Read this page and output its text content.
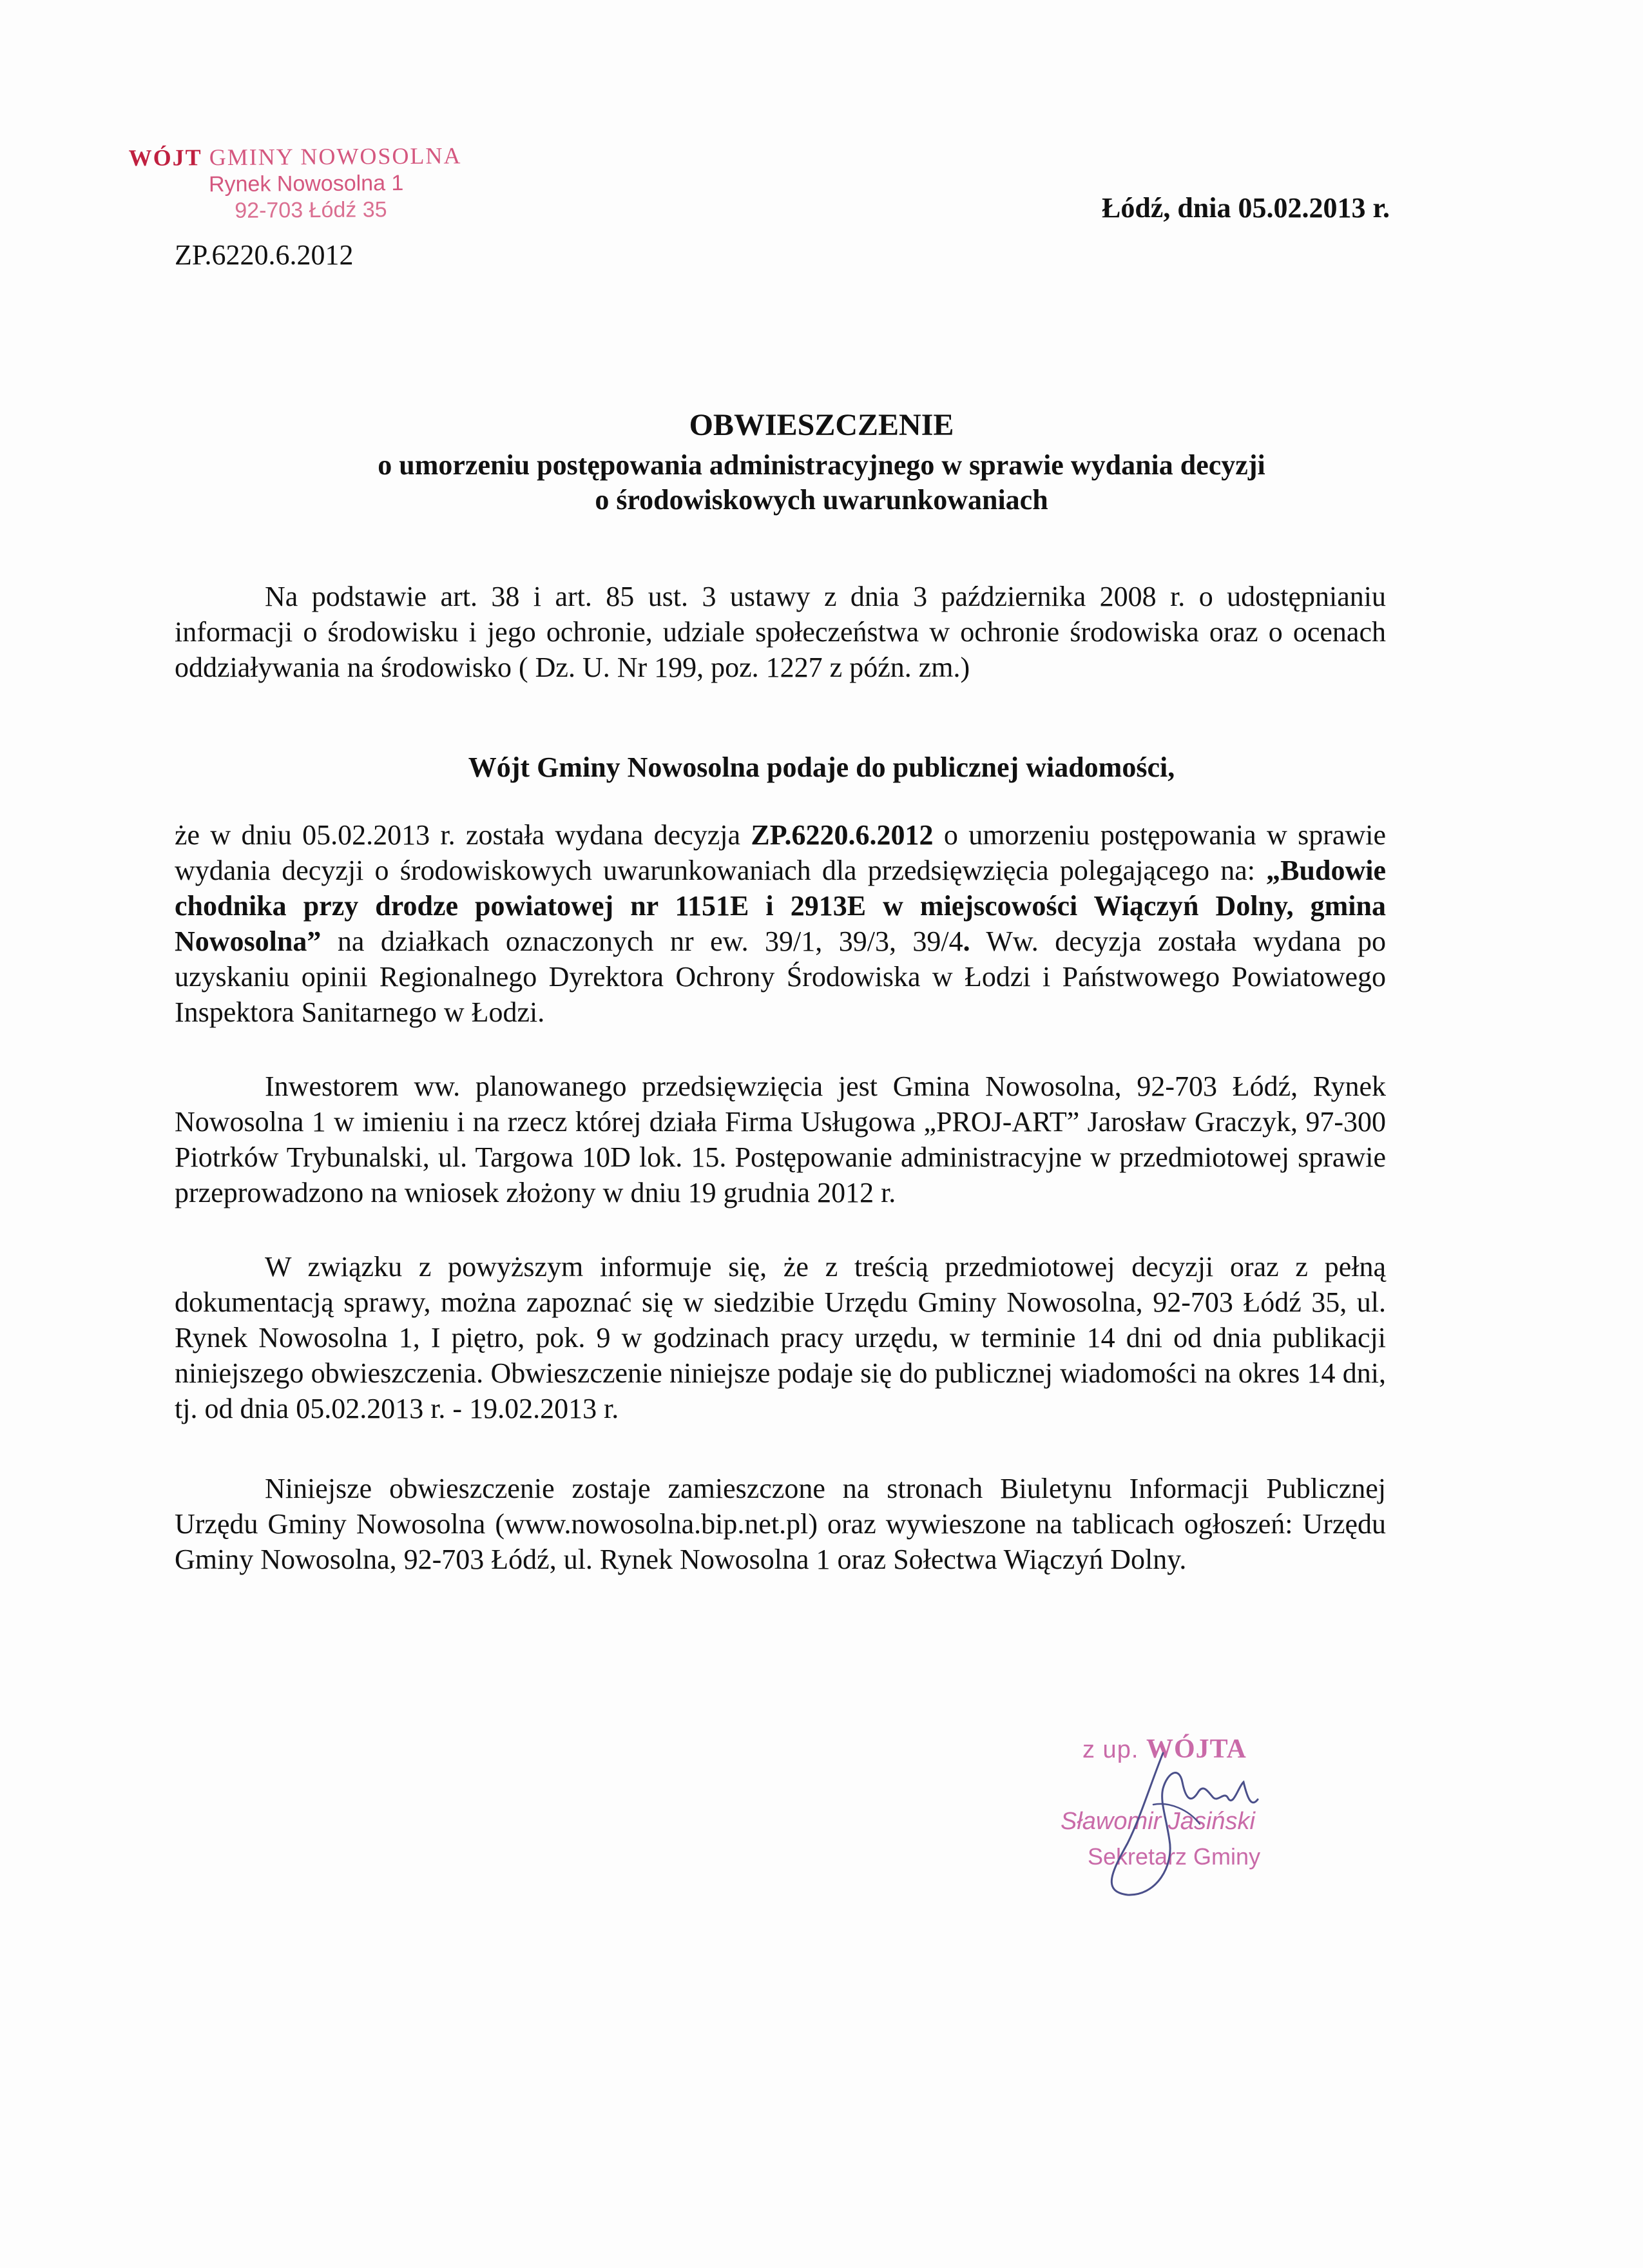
WÓJT GMINY NOWOSOLNA
Rynek Nowosolna 1
92-703 Łódź 35	Łódź, dnia 05.02.2013 r.
ZP.6220.6.2012
OBWIESZCZENIE
o umorzeniu postępowania administracyjnego w sprawie wydania decyzji
o środowiskowych uwarunkowaniach

Na podstawie art. 38 i art. 85 ust. 3 ustawy z dnia 3 października 2008 r. o udostępnianiu informacji o środowisku i jego ochronie, udziale społeczeństwa w ochronie środowiska oraz o ocenach oddziaływania na środowisko ( Dz. U. Nr 199, poz. 1227 z późn. zm.)

Wójt Gminy Nowosolna podaje do publicznej wiadomości,

że w dniu 05.02.2013 r. została wydana decyzja ZP.6220.6.2012 o umorzeniu postępowania w sprawie wydania decyzji o środowiskowych uwarunkowaniach dla przedsięwzięcia polegającego na: „Budowie chodnika przy drodze powiatowej nr 1151E i 2913E w miejscowości Wiączyń Dolny, gmina Nowosolna” na działkach oznaczonych nr ew. 39/1, 39/3, 39/4. Ww. decyzja została wydana po uzyskaniu opinii Regionalnego Dyrektora Ochrony Środowiska w Łodzi i Państwowego Powiatowego Inspektora Sanitarnego w Łodzi.

Inwestorem ww. planowanego przedsięwzięcia jest Gmina Nowosolna, 92-703 Łódź, Rynek Nowosolna 1 w imieniu i na rzecz której działa Firma Usługowa „PROJ-ART” Jarosław Graczyk, 97-300 Piotrków Trybunalski, ul. Targowa 10D lok. 15. Postępowanie administracyjne w przedmiotowej sprawie przeprowadzono na wniosek złożony w dniu 19 grudnia 2012 r.

W związku z powyższym informuje się, że z treścią przedmiotowej decyzji oraz z pełną dokumentacją sprawy, można zapoznać się w siedzibie Urzędu Gminy Nowosolna, 92-703 Łódź 35, ul. Rynek Nowosolna 1, I piętro, pok. 9 w godzinach pracy urzędu, w terminie 14 dni od dnia publikacji niniejszego obwieszczenia. Obwieszczenie niniejsze podaje się do publicznej wiadomości na okres 14 dni, tj. od dnia 05.02.2013 r. - 19.02.2013 r.

Niniejsze obwieszczenie zostaje zamieszczone na stronach Biuletynu Informacji Publicznej Urzędu Gminy Nowosolna (www.nowosolna.bip.net.pl) oraz wywieszone na tablicach ogłoszeń: Urzędu Gminy Nowosolna, 92-703 Łódź, ul. Rynek Nowosolna 1 oraz Sołectwa Wiączyń Dolny.

z up. WÓJTA
Sławomir Jasiński
Sekretarz Gminy
